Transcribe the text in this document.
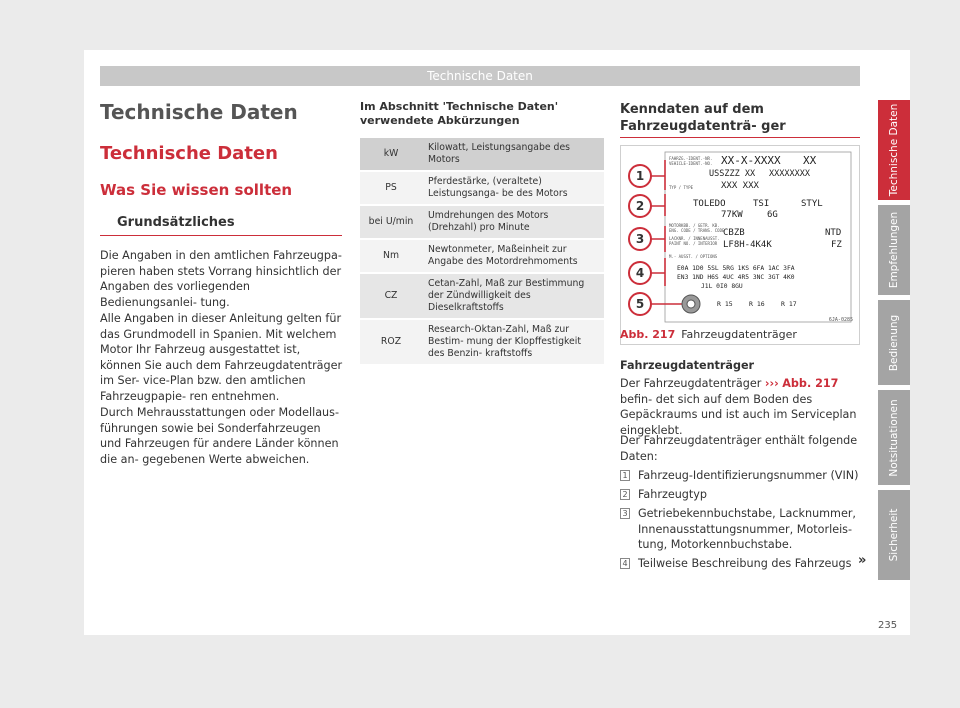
Technische Daten
Technische Daten
Technische Daten
Was Sie wissen sollten
Grundsätzliches
Die Angaben in den amtlichen Fahrzeugpa- pieren haben stets Vorrang hinsichtlich der Angaben des vorliegenden Bedienungsanlei- tung.
Alle Angaben in dieser Anleitung gelten für das Grundmodell in Spanien. Mit welchem Motor Ihr Fahrzeug ausgestattet ist, können Sie auch dem Fahrzeugdatenträger im Ser- vice-Plan bzw. den amtlichen Fahrzeugpapie- ren entnehmen.
Durch Mehrausstattungen oder Modellaus- führungen sowie bei Sonderfahrzeugen und Fahrzeugen für andere Länder können die an- gegebenen Werte abweichen.
Im Abschnitt 'Technische Daten' verwendete Abkürzungen
kW	Kilowatt, Leistungsangabe des Motors
PS	Pferdestärke, (veraltete) Leistungsanga- be des Motors
bei U/min	Umdrehungen des Motors (Drehzahl) pro Minute
Nm	Newtonmeter, Maßeinheit zur Angabe des Motordrehmoments
CZ	Cetan-Zahl, Maß zur Bestimmung der Zündwilligkeit des Dieselkraftstoffs
ROZ	Research-Oktan-Zahl, Maß zur Bestim- mung der Klopffestigkeit des Benzin- kraftstoffs
Kenndaten auf dem Fahrzeugdatenträ- ger
1
2
3
4
5
FAHRZG.-IDENT.-NR.
VEHICLE-IDENT.-NO.
TYP / TYPE
MOTORKBB. / GETR. KB.
ENG. CODE / TRANS. CODE
LACKNR. / INNENAUSST.
PAINT NO. / INTERIOR
M.- AUSST. / OPTIONS
XX-X-XXXX XX
USSZZZ XX XXXXXXXX
XXX XXX
TOLEDO	TSI	STYL
77KW	6G
CBZB	NTD
LF8H-4K4K	FZ
E0A 1D0 5SL 5RG 1KS 6FA 1AC 3FA
EN3 1ND H6S 4UC 4R5 3NC 3GT 4K0
J1L 0I0 8GU
R 15	R 16	R 17
6JA-0285
Abb. 217 Fahrzeugdatenträger
Fahrzeugdatenträger
Der Fahrzeugdatenträger ››› Abb. 217 befin- det sich auf dem Boden des Gepäckraums und ist auch im Serviceplan eingeklebt.
Der Fahrzeugdatenträger enthält folgende Daten:
1 Fahrzeug-Identifizierungsnummer (VIN)
2 Fahrzeugtyp
3 Getriebekennbuchstabe, Lacknummer, Innenausstattungsnummer, Motorleis- tung, Motorkennbuchstabe.
4 Teilweise Beschreibung des Fahrzeugs »
Technische Daten
Empfehlungen
Bedienung
Notsituationen
Sicherheit
235
